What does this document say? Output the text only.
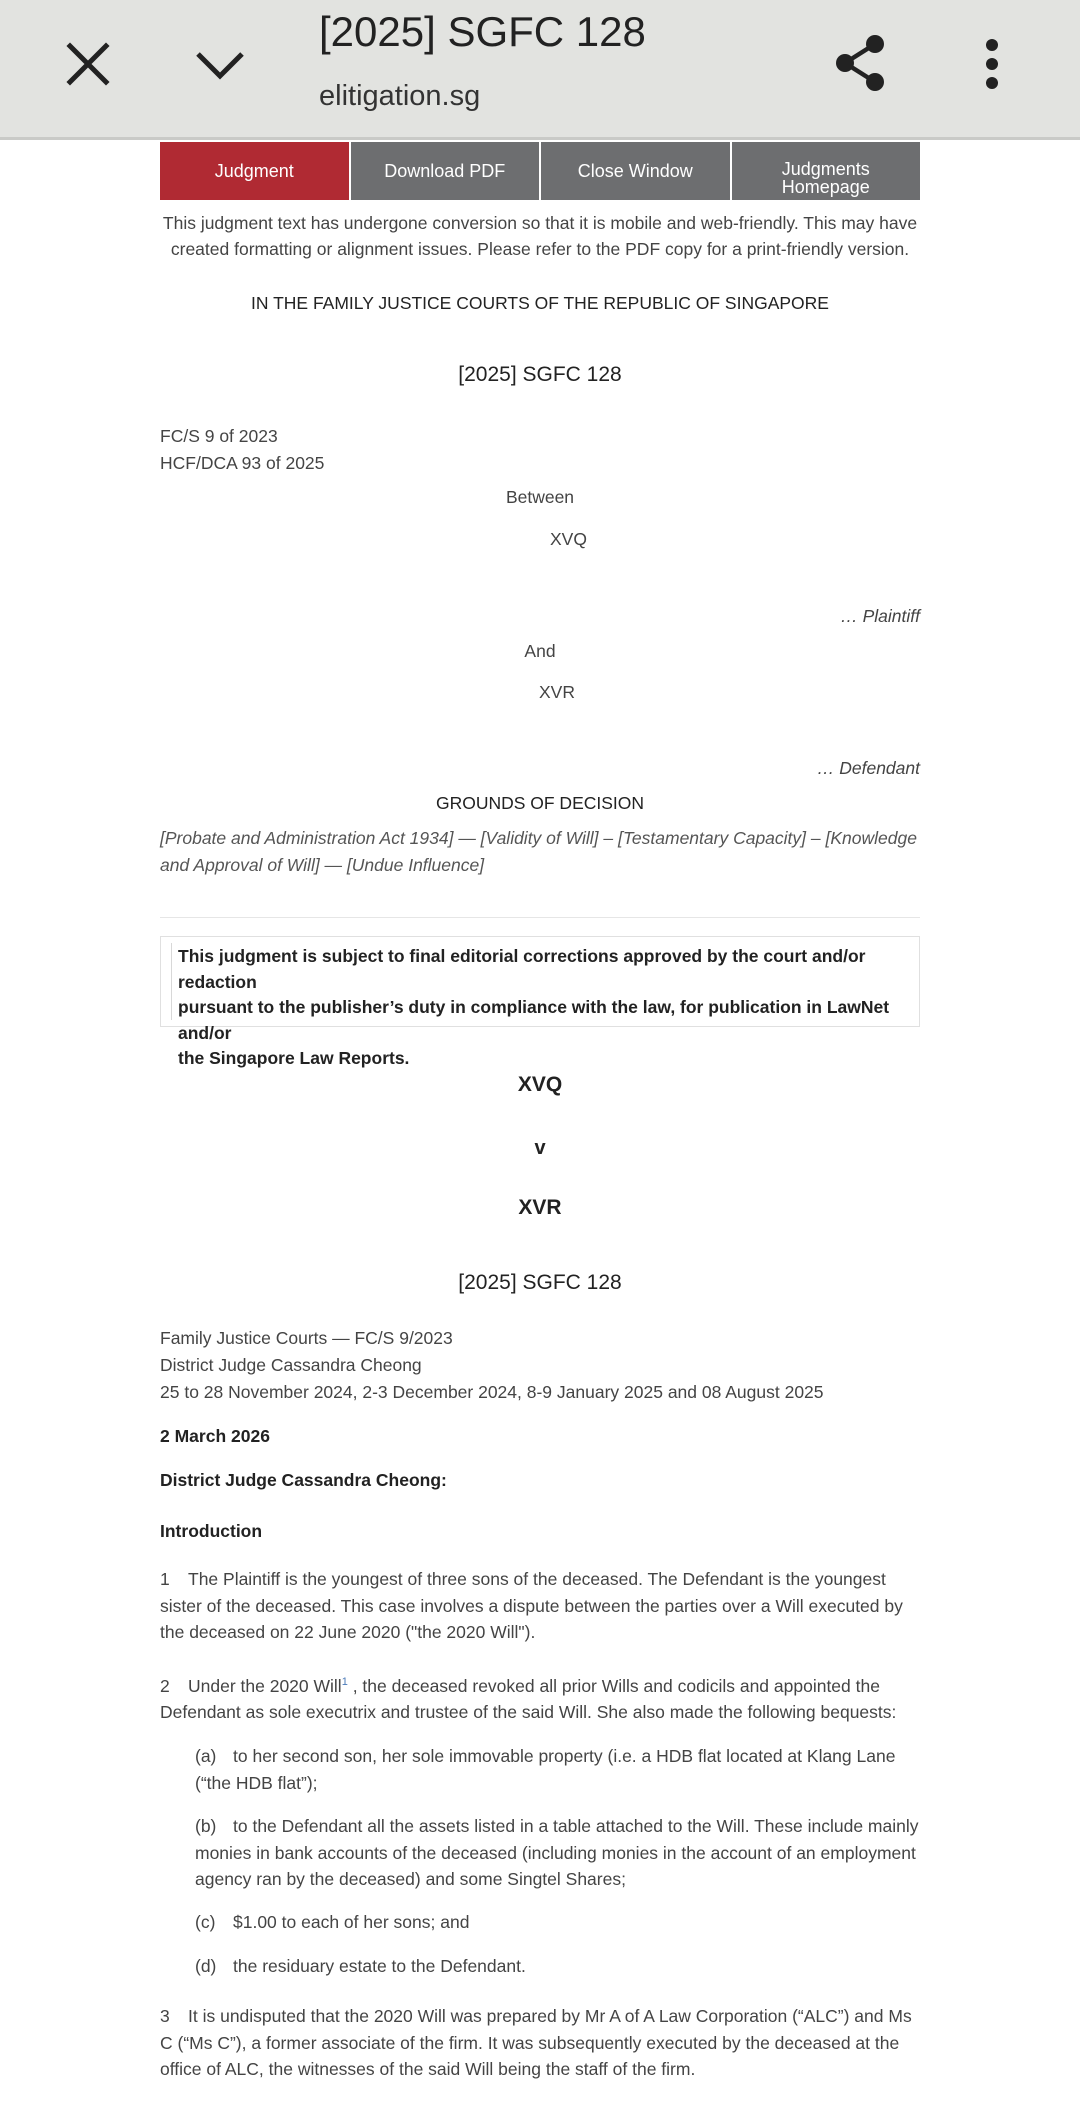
[2025] SGFC 128
elitigation.sg
Judgment	Download PDF	Close Window	Judgments
Homepage
This judgment text has undergone conversion so that it is mobile and web-friendly. This may have
created formatting or alignment issues. Please refer to the PDF copy for a print-friendly version.
IN THE FAMILY JUSTICE COURTS OF THE REPUBLIC OF SINGAPORE
[2025] SGFC 128
FC/S 9 of 2023
HCF/DCA 93 of 2025
Between
XVQ
… Plaintiff
And
XVR
… Defendant
GROUNDS OF DECISION
[Probate and Administration Act 1934] — [Validity of Will] – [Testamentary Capacity] – [Knowledge
and Approval of Will] — [Undue Influence]
This judgment is subject to final editorial corrections approved by the court and/or redaction
pursuant to the publisher’s duty in compliance with the law, for publication in LawNet and/or
the Singapore Law Reports.
XVQ
v
XVR
[2025] SGFC 128
Family Justice Courts — FC/S 9/2023
District Judge Cassandra Cheong
25 to 28 November 2024, 2-3 December 2024, 8-9 January 2025 and 08 August 2025
2 March 2026
District Judge Cassandra Cheong:
Introduction
1 The Plaintiff is the youngest of three sons of the deceased. The Defendant is the youngest
sister of the deceased. This case involves a dispute between the parties over a Will executed by
the deceased on 22 June 2020 ("the 2020 Will").
2 Under the 2020 Will$^1$ , the deceased revoked all prior Wills and codicils and appointed the
Defendant as sole executrix and trustee of the said Will. She also made the following bequests:
(a) to her second son, her sole immovable property (i.e. a HDB flat located at Klang Lane
(“the HDB flat”);
(b) to the Defendant all the assets listed in a table attached to the Will. These include mainly
monies in bank accounts of the deceased (including monies in the account of an employment
agency ran by the deceased) and some Singtel Shares;
(c) $1.00 to each of her sons; and
(d) the residuary estate to the Defendant.
3 It is undisputed that the 2020 Will was prepared by Mr A of A Law Corporation (“ALC”) and Ms
C (“Ms C”), a former associate of the firm. It was subsequently executed by the deceased at the
office of ALC, the witnesses of the said Will being the staff of the firm.
